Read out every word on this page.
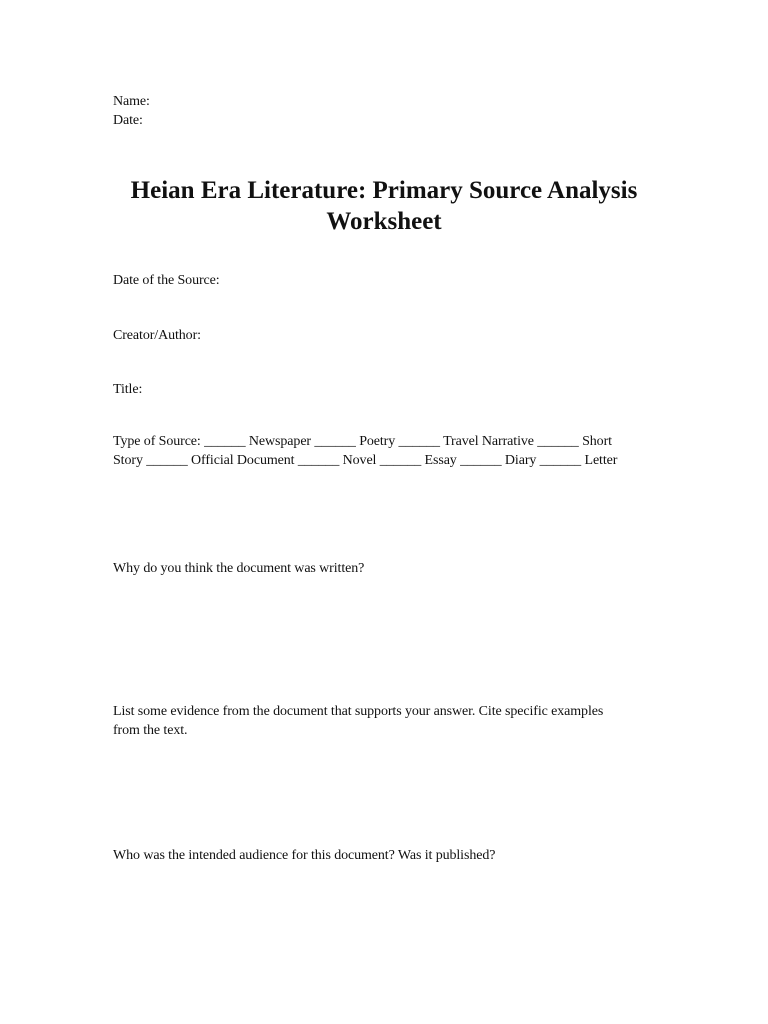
Name:
Date:
Heian Era Literature: Primary Source Analysis
Worksheet
Date of the Source:
Creator/Author:
Title:
Type of Source: ______ Newspaper ______ Poetry ______ Travel Narrative ______ Short
Story ______ Official Document ______ Novel ______ Essay ______ Diary ______ Letter
Why do you think the document was written?
List some evidence from the document that supports your answer. Cite specific examples
from the text.
Who was the intended audience for this document? Was it published?
